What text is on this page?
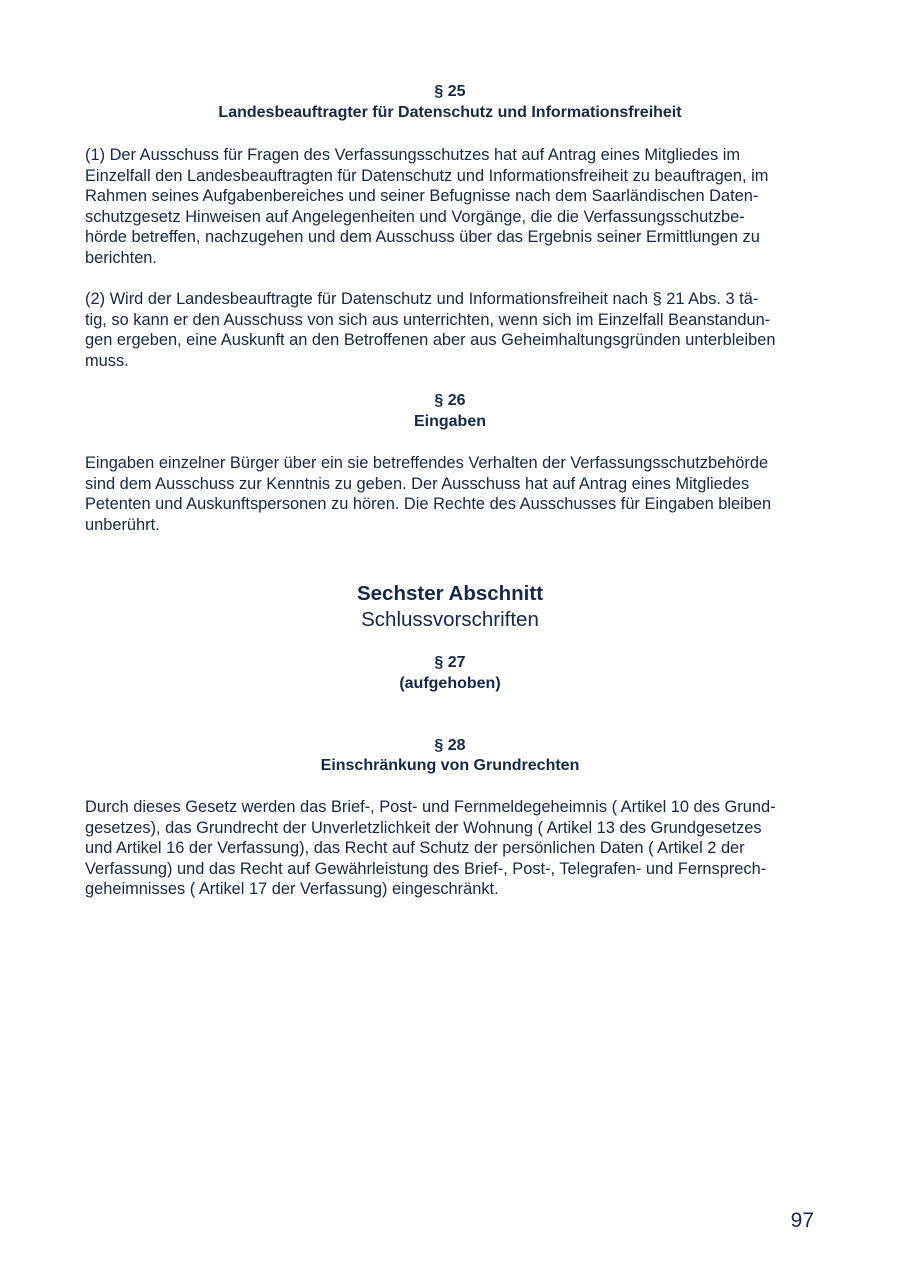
§ 25
Landesbeauftragter für Datenschutz und Informationsfreiheit
(1) Der Ausschuss für Fragen des Verfassungsschutzes hat auf Antrag eines Mitgliedes im
Einzelfall den Landesbeauftragten für Datenschutz und Informationsfreiheit zu beauftragen, im
Rahmen seines Aufgabenbereiches und seiner Befugnisse nach dem Saarländischen Daten-
schutzgesetz Hinweisen auf Angelegenheiten und Vorgänge, die die Verfassungsschutzbe-
hörde betreffen, nachzugehen und dem Ausschuss über das Ergebnis seiner Ermittlungen zu
berichten.
(2) Wird der Landesbeauftragte für Datenschutz und Informationsfreiheit nach § 21 Abs. 3 tä-
tig, so kann er den Ausschuss von sich aus unterrichten, wenn sich im Einzelfall Beanstandun-
gen ergeben, eine Auskunft an den Betroffenen aber aus Geheimhaltungsgründen unterbleiben
muss.
§ 26
Eingaben
Eingaben einzelner Bürger über ein sie betreffendes Verhalten der Verfassungsschutzbehörde
sind dem Ausschuss zur Kenntnis zu geben. Der Ausschuss hat auf Antrag eines Mitgliedes
Petenten und Auskunftspersonen zu hören. Die Rechte des Ausschusses für Eingaben bleiben
unberührt.
Sechster Abschnitt
Schlussvorschriften
§ 27
(aufgehoben)
§ 28
Einschränkung von Grundrechten
Durch dieses Gesetz werden das Brief-, Post- und Fernmeldegeheimnis ( Artikel 10 des Grund-
gesetzes), das Grundrecht der Unverletzlichkeit der Wohnung ( Artikel 13 des Grundgesetzes
und Artikel 16 der Verfassung), das Recht auf Schutz der persönlichen Daten ( Artikel 2 der
Verfassung) und das Recht auf Gewährleistung des Brief-, Post-, Telegrafen- und Fernsprech-
geheimnisses ( Artikel 17 der Verfassung) eingeschränkt.
97
